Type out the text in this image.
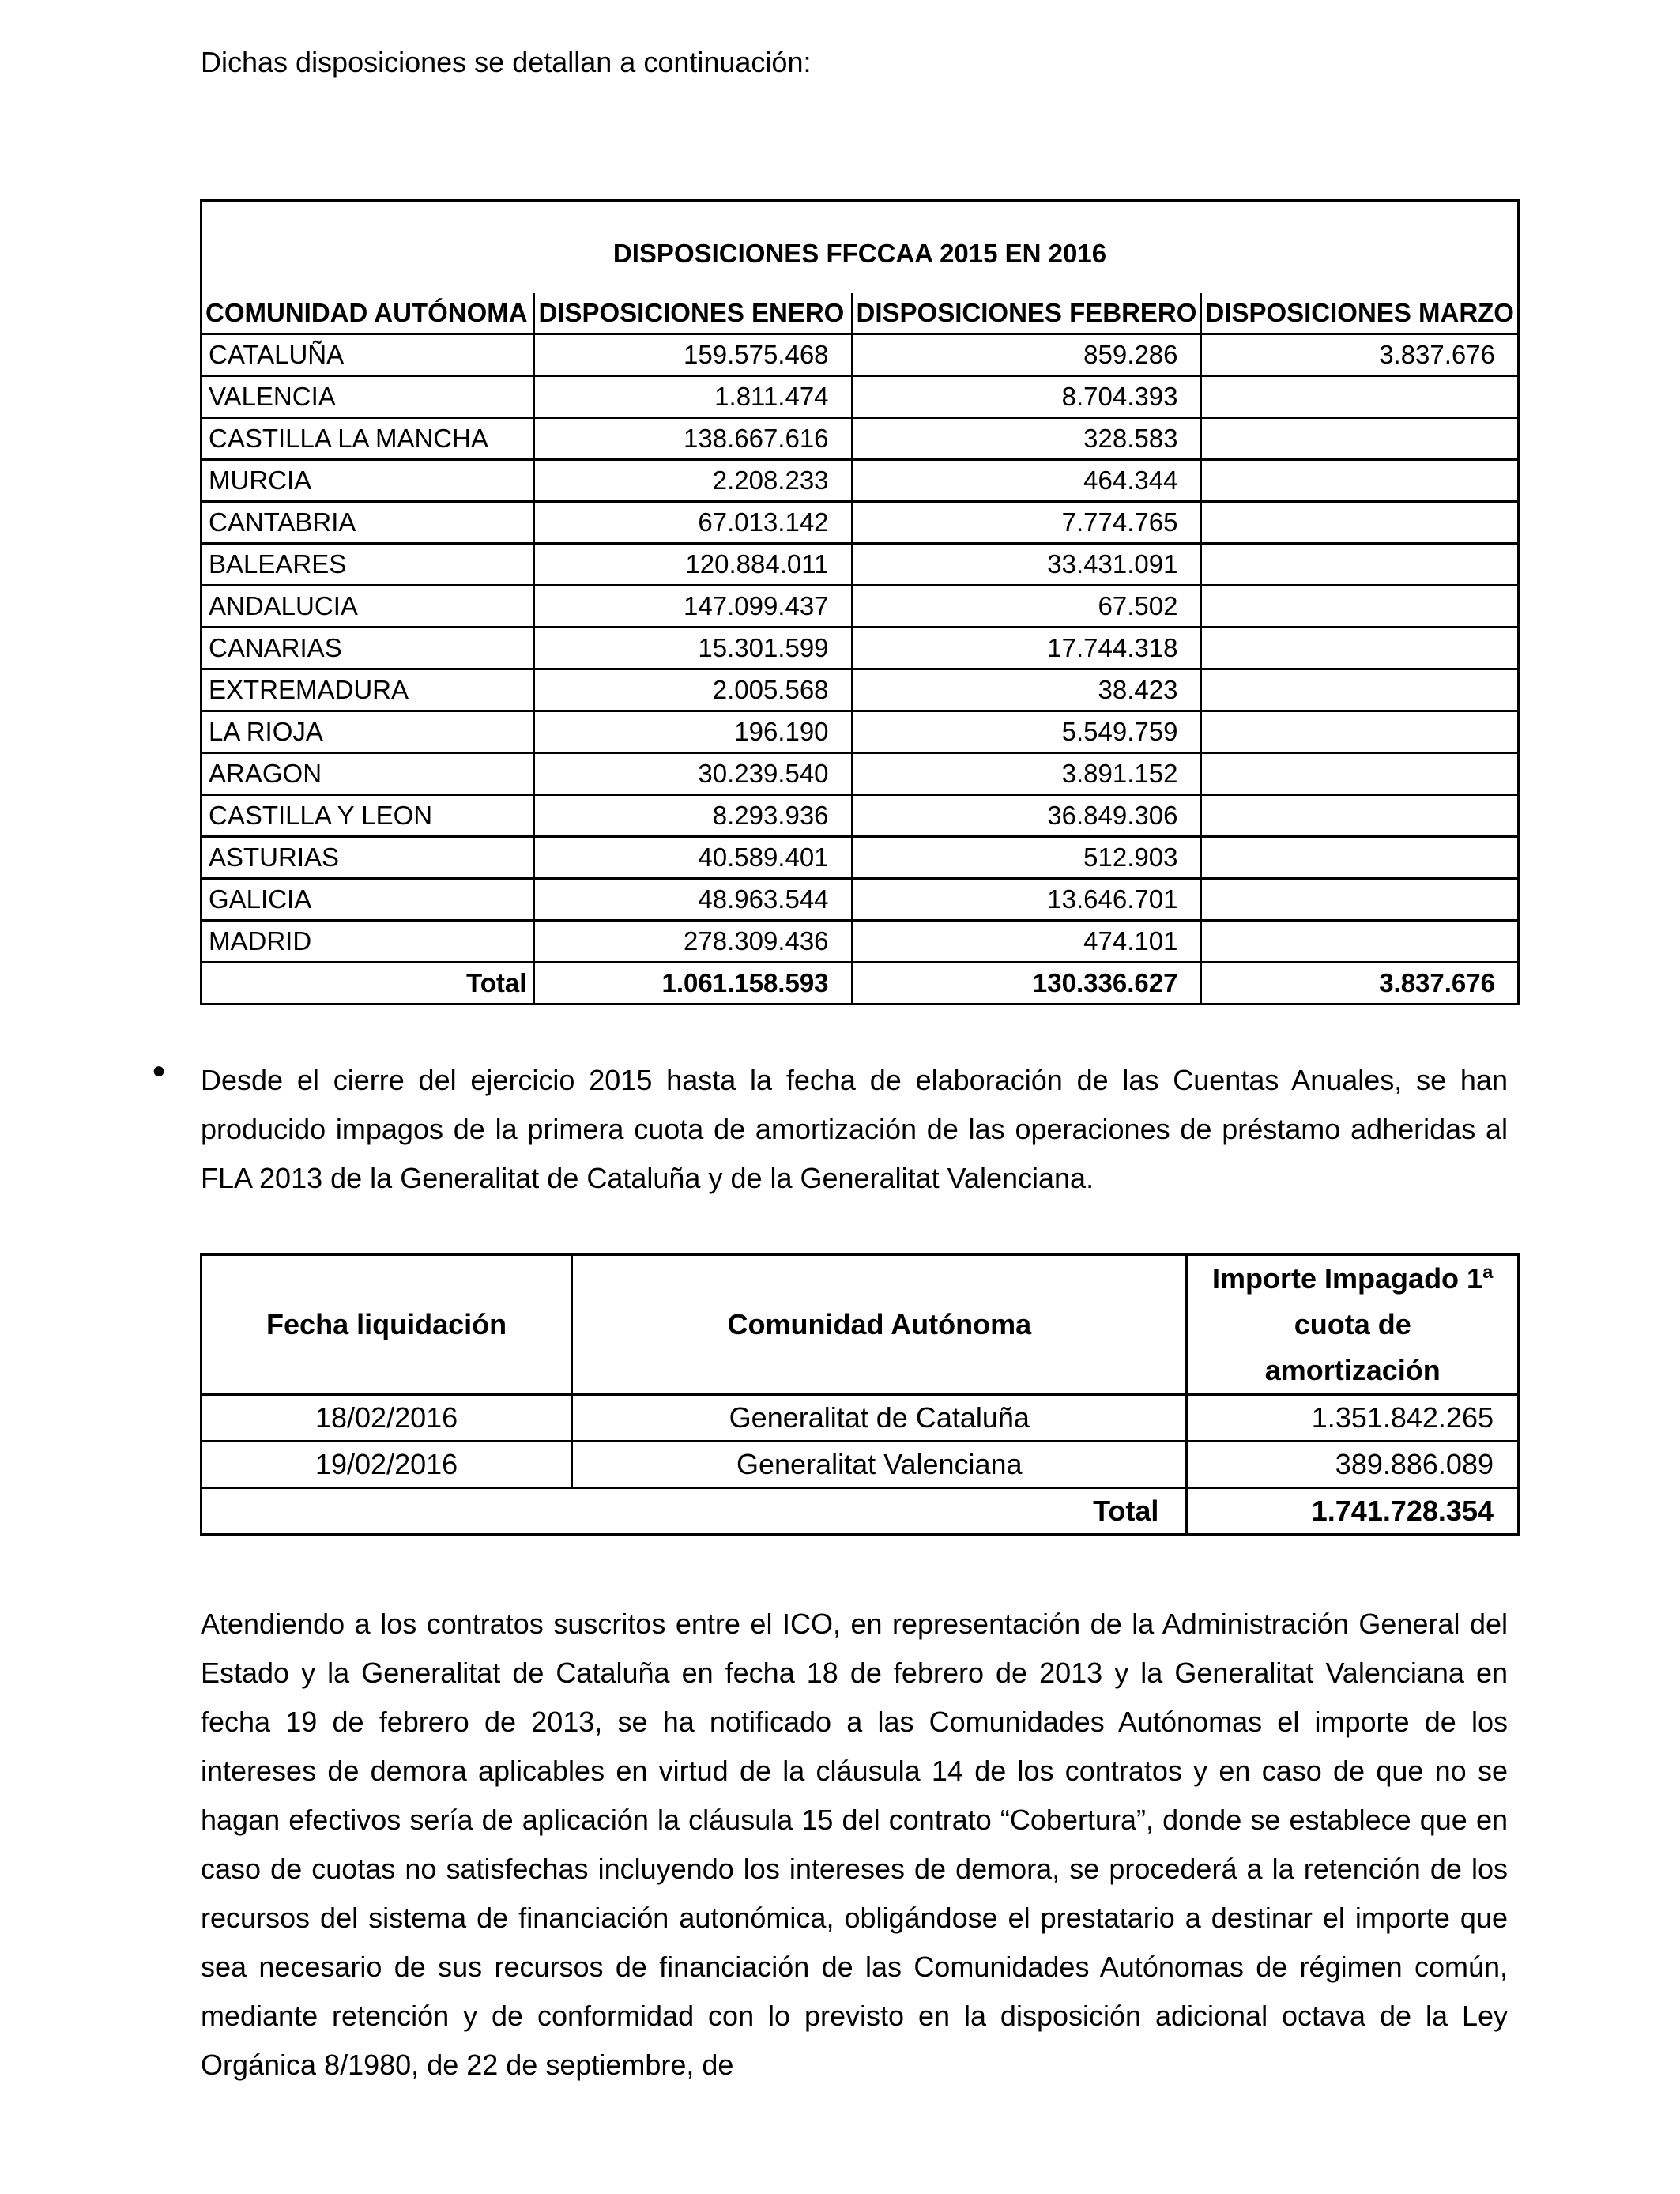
Dichas disposiciones se detallan a continuación:

DISPOSICIONES FFCCAA 2015 EN 2016			
COMUNIDAD AUTÓNOMA	DISPOSICIONES ENERO	DISPOSICIONES FEBRERO	DISPOSICIONES MARZO
CATALUÑA	159.575.468	859.286	3.837.676
VALENCIA	1.811.474	8.704.393	
CASTILLA LA MANCHA	138.667.616	328.583	
MURCIA	2.208.233	464.344	
CANTABRIA	67.013.142	7.774.765	
BALEARES	120.884.011	33.431.091	
ANDALUCIA	147.099.437	67.502	
CANARIAS	15.301.599	17.744.318	
EXTREMADURA	2.005.568	38.423	
LA RIOJA	196.190	5.549.759	
ARAGON	30.239.540	3.891.152	
CASTILLA Y LEON	8.293.936	36.849.306	
ASTURIAS	40.589.401	512.903	
GALICIA	48.963.544	13.646.701	
MADRID	278.309.436	474.101	
Total	1.061.158.593	130.336.627	3.837.676
● Desde el cierre del ejercicio 2015 hasta la fecha de elaboración de las Cuentas Anuales, se han producido impagos de la primera cuota de amortización de las operaciones de préstamo adheridas al FLA 2013 de la Generalitat de Cataluña y de la Generalitat Valenciana.

Fecha liquidación	Comunidad Autónoma	Importe Impagado 1ª cuota de amortización
18/02/2016	Generalitat de Cataluña	1.351.842.265
19/02/2016	Generalitat Valenciana	389.886.089
	Total	1.741.728.354

Atendiendo a los contratos suscritos entre el ICO, en representación de la Administración General del Estado y la Generalitat de Cataluña en fecha 18 de febrero de 2013 y la Generalitat Valenciana en fecha 19 de febrero de 2013, se ha notificado a las Comunidades Autónomas el importe de los intereses de demora aplicables en virtud de la cláusula 14 de los contratos y en caso de que no se hagan efectivos sería de aplicación la cláusula 15 del contrato “Cobertura”, donde se establece que en caso de cuotas no satisfechas incluyendo los intereses de demora, se procederá a la retención de los recursos del sistema de financiación autonómica, obligándose el prestatario a destinar el importe que sea necesario de sus recursos de financiación de las Comunidades Autónomas de régimen común, mediante retención y de conformidad con lo previsto en la disposición adicional octava de la Ley Orgánica 8/1980, de 22 de septiembre, de
